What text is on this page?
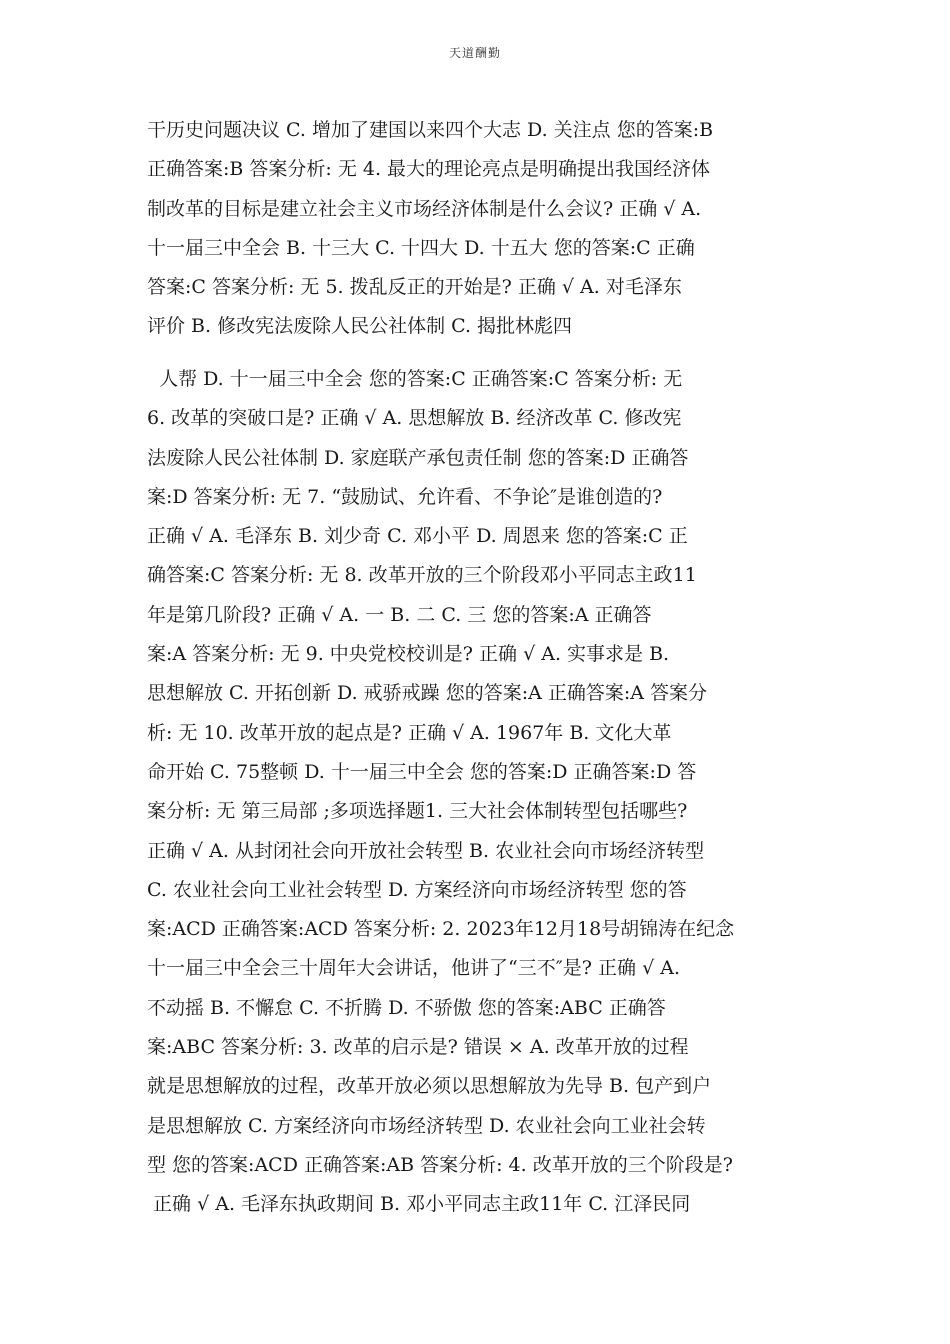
天道酬勤
干历史问题决议 C. 增加了建国以来四个大志 D. 关注点 您的答案:B
正确答案:B 答案分析: 无 4. 最大的理论亮点是明确提出我国经济体
制改革的目标是建立社会主义市场经济体制是什么会议? 正确 √ A.
十一届三中全会 B. 十三大 C. 十四大 D. 十五大 您的答案:C 正确
答案:C 答案分析: 无 5. 拨乱反正的开始是? 正确 √ A. 对毛泽东
评价 B. 修改宪法废除人民公社体制 C. 揭批林彪四
人帮 D. 十一届三中全会 您的答案:C 正确答案:C 答案分析: 无
6. 改革的突破口是? 正确 √ A. 思想解放 B. 经济改革 C. 修改宪
法废除人民公社体制 D. 家庭联产承包责任制 您的答案:D 正确答
案:D 答案分析: 无 7. “鼓励试、允许看、不争论″是谁创造的?
正确 √ A. 毛泽东 B. 刘少奇 C. 邓小平 D. 周恩来 您的答案:C 正
确答案:C 答案分析: 无 8. 改革开放的三个阶段邓小平同志主政11
年是第几阶段? 正确 √ A. 一 B. 二 C. 三 您的答案:A 正确答
案:A 答案分析: 无 9. 中央党校校训是? 正确 √ A. 实事求是 B.
思想解放 C. 开拓创新 D. 戒骄戒躁 您的答案:A 正确答案:A 答案分
析: 无 10. 改革开放的起点是? 正确 √ A. 1967年 B. 文化大革
命开始 C. 75整顿 D. 十一届三中全会 您的答案:D 正确答案:D 答
案分析: 无 第三局部 ;多项选择题1. 三大社会体制转型包括哪些?
正确 √ A. 从封闭社会向开放社会转型 B. 农业社会向市场经济转型
C. 农业社会向工业社会转型 D. 方案经济向市场经济转型 您的答
案:ACD 正确答案:ACD 答案分析: 2. 2023年12月18号胡锦涛在纪念
十一届三中全会三十周年大会讲话，他讲了“三不″是? 正确 √ A.
不动摇 B. 不懈怠 C. 不折腾 D. 不骄傲 您的答案:ABC 正确答
案:ABC 答案分析: 3. 改革的启示是? 错误 × A. 改革开放的过程
就是思想解放的过程，改革开放必须以思想解放为先导 B. 包产到户
是思想解放 C. 方案经济向市场经济转型 D. 农业社会向工业社会转
型 您的答案:ACD 正确答案:AB 答案分析: 4. 改革开放的三个阶段是?
正确 √ A. 毛泽东执政期间 B. 邓小平同志主政11年 C. 江泽民同
